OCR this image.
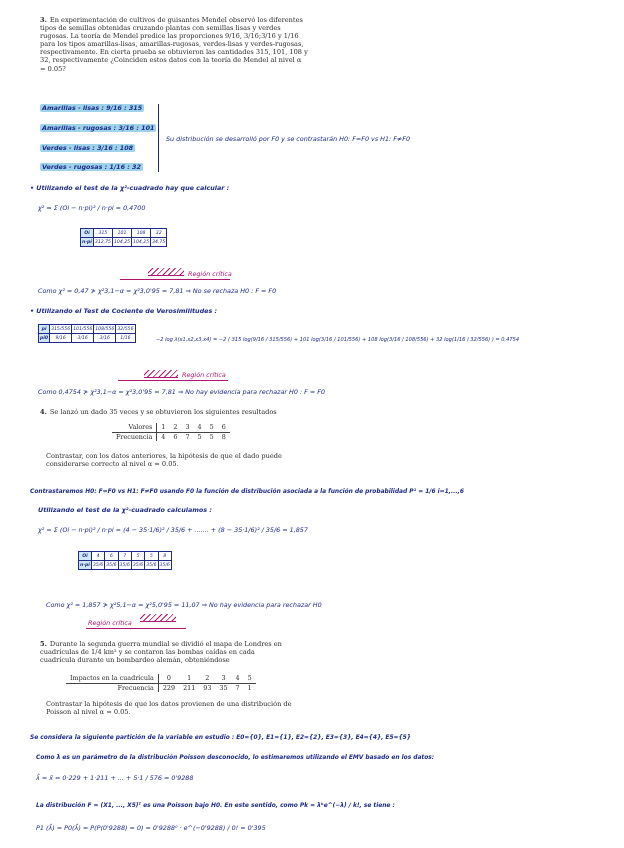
3. En experimentación de cultivos de guisantes Mendel observó los diferentes tipos de semillas obtenidas cruzando plantas con semillas lisas y verdes rugosas. La teoría de Mendel predice las proporciones 9/16, 3/16;3/16 y 1/16 para los tipos amarillas-lisas, amarillas-rugosas, verdes-lisas y verdes-rugosas, respectivamente. En cierta prueba se obtuvieron las cantidades 315, 101, 108 y 32, respectivamente ¿Coinciden estos datos con la teoría de Mendel al nivel α = 0.05?
Amarillas - lisas : 9/16 : 315
Amarillas - rugosas : 3/16 : 101
Verdes - lisas : 3/16 : 108
Verdes - rugosas : 1/16 : 32
Su distribución se desarrolló por F0 y se contrastarán H0: F=F0 vs H1: F≠F0
• Utilizando el test de la χ²-cuadrado hay que calcular :
χ² = Σ (Oi − n·pi)² / n·pi = 0,4700
Oi	315	101	108	32
n·pi	312,75	104,25	104,25	34,75
Región crítica
Como χ² = 0,47 ≯ χ²3,1−α = χ²3,0'95 = 7,81 ⇒ No se rechaza H0 : F = F0
• Utilizando el Test de Cociente de Verosimilitudes :
pi	315/556	101/556	108/556	32/556
pi0	9/16	3/16	3/16	1/16	−2 log λ(x1,x2,x3,x4) = −2 ( 315 log(9/16 / 315/556) + 101 log(3/16 / 101/556) + 108 log(3/16 / 108/556) + 32 log(1/16 / 32/556) ) = 0,4754
Región crítica
Como 0,4754 ≯ χ²3,1−α = χ²3,0'95 = 7,81 ⇒ No hay evidencia para rechazar H0 : F = F0
4. Se lanzó un dado 35 veces y se obtuvieron los siguientes resultados
Valores	1	2	3	4	5	6
Frecuencia	4	6	7	5	5	8
Contrastar, con los datos anteriores, la hipótesis de que el dado puede considerarse correcto al nivel α = 0.05.
Contrastaremos H0: F=F0 vs H1: F≠F0 usando F0 la función de distribución asociada a la función de probabilidad P¹ = 1/6 i=1,...,6
Utilizando el test de la χ²-cuadrado calculamos :
χ² = Σ (Oi − n·pi)² / n·pi = (4 − 35·1/6)² / 35/6 + ....... + (8 − 35·1/6)² / 35/6 = 1,857
Oi	4	6	7	5	5	8
n·pi	35/6	35/6	35/6	35/6	35/6	35/6
Como χ² = 1,857 ≯ χ²5,1−α = χ²5,0'95 = 11,07 ⇒ No hay evidencia para rechazar H0
Región crítica
5. Durante la segunda guerra mundial se dividió el mapa de Londres en cuadrículas de 1/4 km² y se contaron las bombas caídas en cada cuadrícula durante un bombardeo alemán, obteniéndose
Impactos en la cuadrícula	0	1	2	3	4	5
Frecuencia	229	211	93	35	7	1
Contrastar la hipótesis de que los datos provienen de una distribución de Poisson al nivel α = 0.05.
Se considera la siguiente partición de la variable en estudio : E0={0}, E1={1}, E2={2}, E3={3}, E4={4}, E5={5}
Como λ es un parámetro de la distribución Poisson desconocido, lo estimaremos utilizando el EMV basado en los datos:
λ̂ = x̄ = 0·229 + 1·211 + ... + 5·1 / 576 = 0'9288
La distribución F = (X1, ..., X5)ᵀ es una Poisson bajo H0. En este sentido, como Pk = λᵏe^(−λ) / k!, se tiene :
P1 (λ̂) = P0(λ̂) = P(P(0'9288) = 0) = 0'9288⁰ · e^(−0'9288) / 0! = 0'395
